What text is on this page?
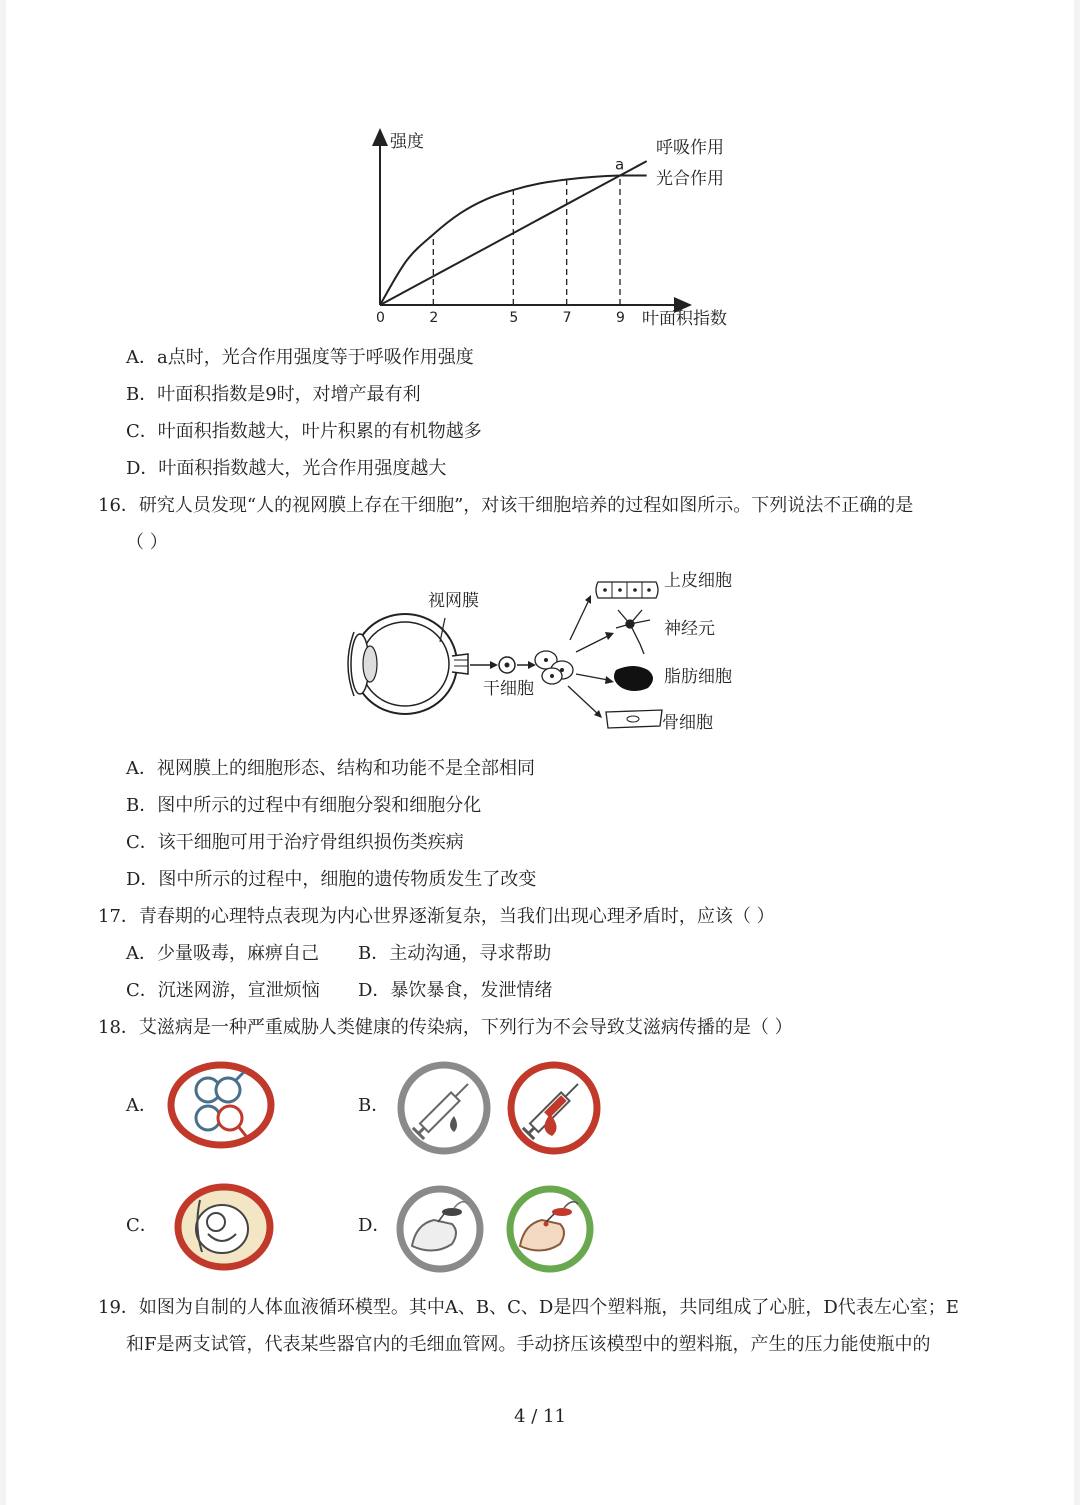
强度
叶面积指数
0	2	5	7	9
a
呼吸作用
光合作用
A．a点时，光合作用强度等于呼吸作用强度
B．叶面积指数是9时，对增产最有利
C．叶面积指数越大，叶片积累的有机物越多
D．叶面积指数越大，光合作用强度越大
16．研究人员发现“人的视网膜上存在干细胞”，对该干细胞培养的过程如图所示。下列说法不正确的是
（ ）
视网膜
干细胞
上皮细胞
神经元
脂肪细胞
骨细胞
A．视网膜上的细胞形态、结构和功能不是全部相同
B．图中所示的过程中有细胞分裂和细胞分化
C．该干细胞可用于治疗骨组织损伤类疾病
D．图中所示的过程中，细胞的遗传物质发生了改变
17．青春期的心理特点表现为内心世界逐渐复杂，当我们出现心理矛盾时，应该（ ）
A．少量吸毒，麻痹自己 B．主动沟通，寻求帮助
C．沉迷网游，宣泄烦恼 D．暴饮暴食，发泄情绪
18．艾滋病是一种严重威胁人类健康的传染病，下列行为不会导致艾滋病传播的是（ ）
A．	B．
C．	D．
19．如图为自制的人体血液循环模型。其中A、B、C、D是四个塑料瓶，共同组成了心脏，D代表左心室；E
和F是两支试管，代表某些器官内的毛细血管网。手动挤压该模型中的塑料瓶，产生的压力能使瓶中的
4 / 11
